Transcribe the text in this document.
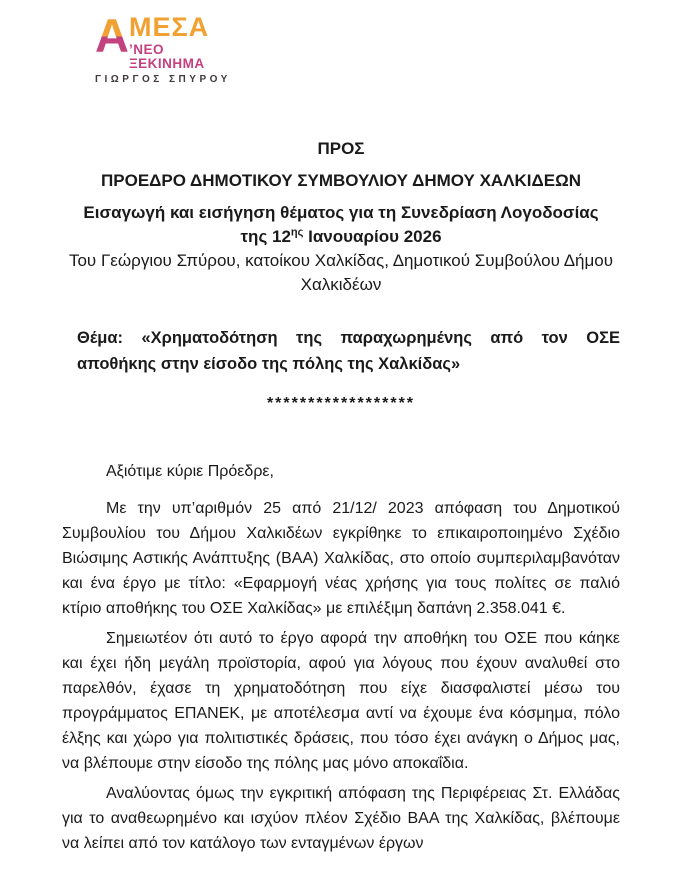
Α ΜΕΣΑ
’ΝΕΟ ΞΕΚΙΝΗΜΑ
ΓΙΩΡΓΟΣ ΣΠΥΡΟΥ
ΠΡΟΣ
ΠΡΟΕΔΡΟ ΔΗΜΟΤΙΚΟΥ ΣΥΜΒΟΥΛΙΟΥ ΔΗΜΟΥ ΧΑΛΚΙΔΕΩΝ
Εισαγωγή και εισήγηση θέματος για τη Συνεδρίαση Λογοδοσίας
της $12^{\eta\varsigma}$ Ιανουαρίου 2026
Του Γεώργιου Σπύρου, κατοίκου Χαλκίδας, Δημοτικού Συμβούλου Δήμου Χαλκιδέων
Θέμα: «Χρηματοδότηση της παραχωρημένης από τον ΟΣΕ αποθήκης στην είσοδο της πόλης της Χαλκίδας»
******************
Αξιότιμε κύριε Πρόεδρε,

Με την υπ’αριθμόν 25 από 21/12/ 2023 απόφαση του Δημοτικού Συμβουλίου του Δήμου Χαλκιδέων εγκρίθηκε το επικαιροποιημένο Σχέδιο Βιώσιμης Αστικής Ανάπτυξης (ΒΑΑ) Χαλκίδας, στο οποίο συμπεριλαμβανόταν και ένα έργο με τίτλο: «Εφαρμογή νέας χρήσης για τους πολίτες σε παλιό κτίριο αποθήκης του ΟΣΕ Χαλκίδας» με επιλέξιμη δαπάνη 2.358.041 €.

Σημειωτέον ότι αυτό το έργο αφορά την αποθήκη του ΟΣΕ που κάηκε και έχει ήδη μεγάλη προϊστορία, αφού για λόγους που έχουν αναλυθεί στο παρελθόν, έχασε τη χρηματοδότηση που είχε διασφαλιστεί μέσω του προγράμματος ΕΠΑΝΕΚ, με αποτέλεσμα αντί να έχουμε ένα κόσμημα, πόλο έλξης και χώρο για πολιτιστικές δράσεις, που τόσο έχει ανάγκη ο Δήμος μας, να βλέπουμε στην είσοδο της πόλης μας μόνο αποκαΐδια.

Αναλύοντας όμως την εγκριτική απόφαση της Περιφέρειας Στ. Ελλάδας για το αναθεωρημένο και ισχύον πλέον Σχέδιο ΒΑΑ της Χαλκίδας, βλέπουμε να λείπει από τον κατάλογο των ενταγμένων έργων
